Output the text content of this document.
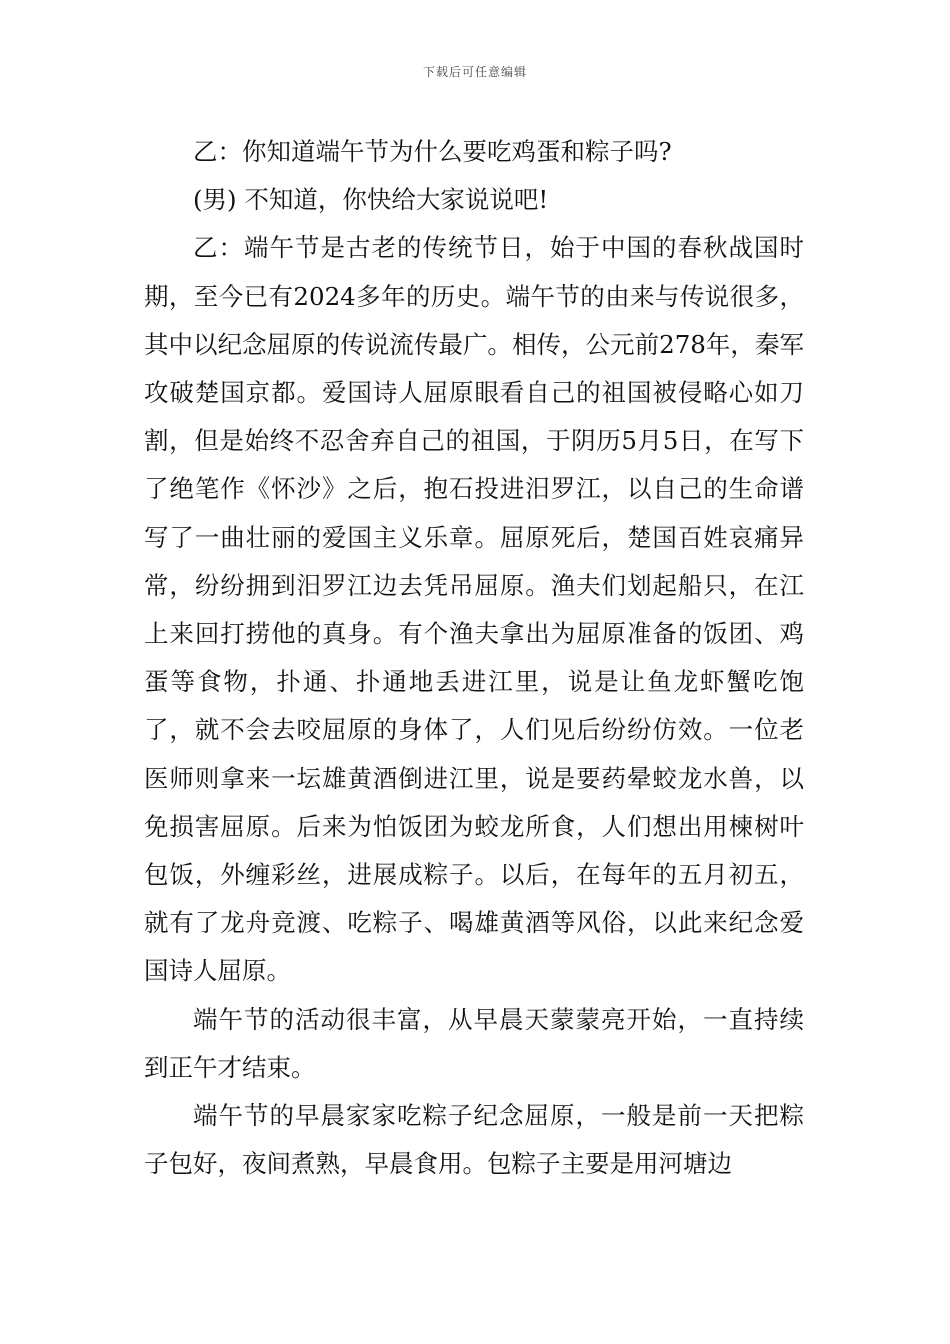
下载后可任意编辑

乙：你知道端午节为什么要吃鸡蛋和粽子吗?

(男) 不知道，你快给大家说说吧!

乙：端午节是古老的传统节日，始于中国的春秋战国时期，至今已有2024多年的历史。端午节的由来与传说很多，其中以纪念屈原的传说流传最广。相传，公元前278年，秦军攻破楚国京都。爱国诗人屈原眼看自己的祖国被侵略心如刀割，但是始终不忍舍弃自己的祖国，于阴历5月5日，在写下了绝笔作《怀沙》之后，抱石投进汨罗江，以自己的生命谱写了一曲壮丽的爱国主义乐章。屈原死后，楚国百姓哀痛异常，纷纷拥到汨罗江边去凭吊屈原。渔夫们划起船只，在江上来回打捞他的真身。有个渔夫拿出为屈原准备的饭团、鸡蛋等食物，扑通、扑通地丢进江里，说是让鱼龙虾蟹吃饱了，就不会去咬屈原的身体了，人们见后纷纷仿效。一位老医师则拿来一坛雄黄酒倒进江里，说是要药晕蛟龙水兽，以免损害屈原。后来为怕饭团为蛟龙所食，人们想出用楝树叶包饭，外缠彩丝，进展成粽子。以后，在每年的五月初五，就有了龙舟竞渡、吃粽子、喝雄黄酒等风俗，以此来纪念爱国诗人屈原。

端午节的活动很丰富，从早晨天蒙蒙亮开始，一直持续到正午才结束。

端午节的早晨家家吃粽子纪念屈原，一般是前一天把粽子包好，夜间煮熟，早晨食用。包粽子主要是用河塘边
